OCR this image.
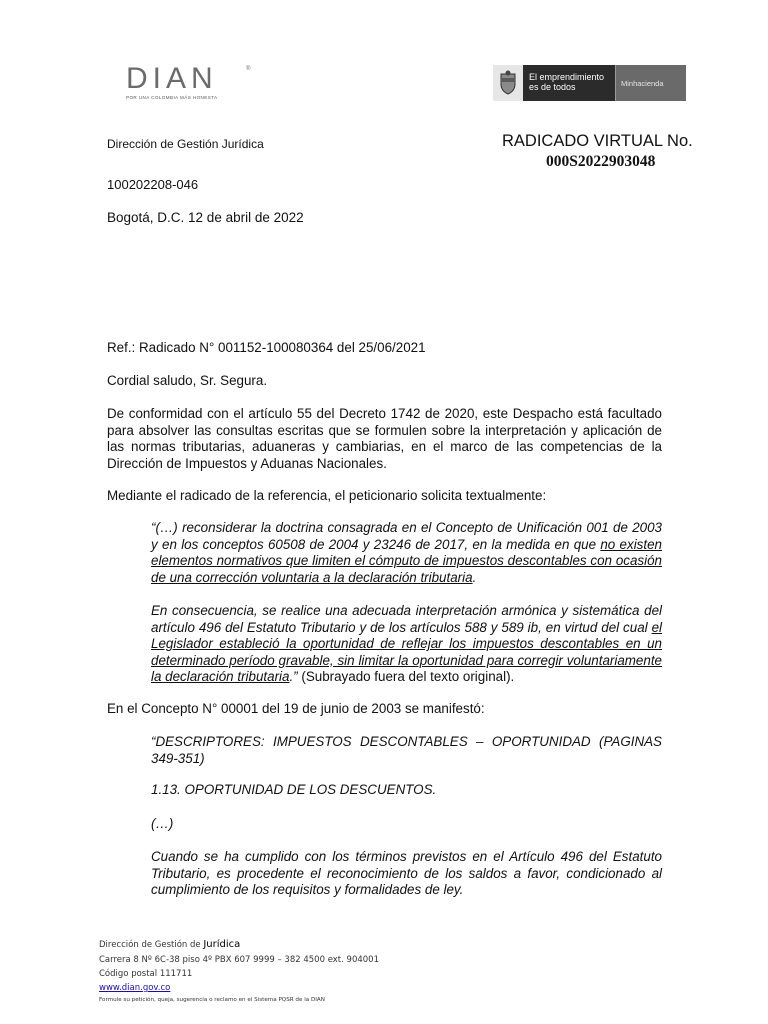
DIAN	®
POR UNA COLOMBIA MÁS HONESTA
El emprendimiento
es de todos	Minhacienda
Dirección de Gestión Jurídica	RADICADO VIRTUAL No.
000S2022903048
100202208-046
Bogotá, D.C. 12 de abril de 2022
Ref.: Radicado N° 001152-100080364 del 25/06/2021
Cordial saludo, Sr. Segura.
De conformidad con el artículo 55 del Decreto 1742 de 2020, este Despacho está facultado para absolver las consultas escritas que se formulen sobre la interpretación y aplicación de las normas tributarias, aduaneras y cambiarias, en el marco de las competencias de la Dirección de Impuestos y Aduanas Nacionales.
Mediante el radicado de la referencia, el peticionario solicita textualmente:
“(…) reconsiderar la doctrina consagrada en el Concepto de Unificación 001 de 2003 y en los conceptos 60508 de 2004 y 23246 de 2017, en la medida en que no existen elementos normativos que limiten el cómputo de impuestos descontables con ocasión de una corrección voluntaria a la declaración tributaria.
En consecuencia, se realice una adecuada interpretación armónica y sistemática del artículo 496 del Estatuto Tributario y de los artículos 588 y 589 ib, en virtud del cual el Legislador estableció la oportunidad de reflejar los impuestos descontables en un determinado período gravable, sin limitar la oportunidad para corregir voluntariamente la declaración tributaria.” (Subrayado fuera del texto original).
En el Concepto N° 00001 del 19 de junio de 2003 se manifestó:
“DESCRIPTORES: IMPUESTOS DESCONTABLES – OPORTUNIDAD (PAGINAS 349-351)
1.13. OPORTUNIDAD DE LOS DESCUENTOS.
(…)
Cuando se ha cumplido con los términos previstos en el Artículo 496 del Estatuto Tributario, es procedente el reconocimiento de los saldos a favor, condicionado al cumplimiento de los requisitos y formalidades de ley.
Dirección de Gestión de Jurídica
Carrera 8 Nº 6C-38 piso 4º PBX 607 9999 – 382 4500 ext. 904001
Código postal 111711
www.dian.gov.co
Formule su petición, queja, sugerencia o reclamo en el Sistema PQSR de la DIAN
